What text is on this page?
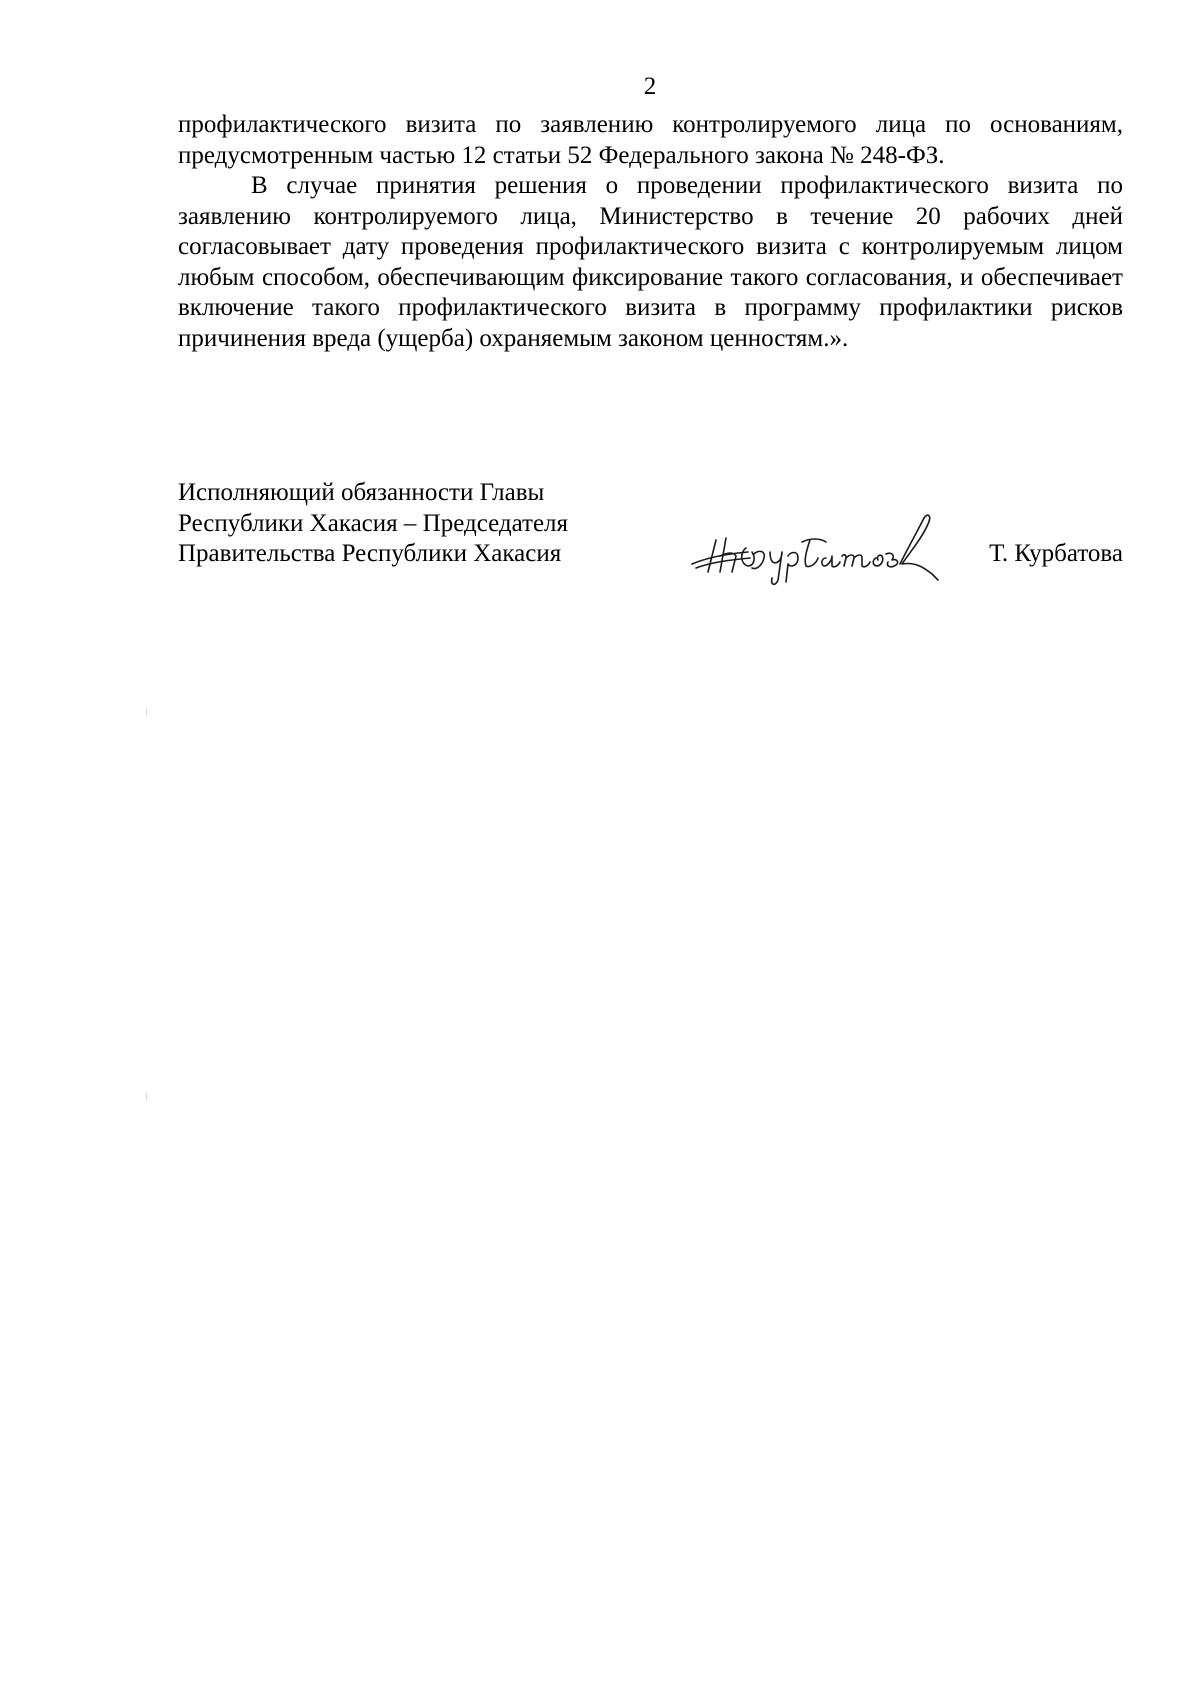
2

профилактического визита по заявлению контролируемого лица по основаниям, предусмотренным частью 12 статьи 52 Федерального закона № 248-ФЗ.

В случае принятия решения о проведении профилактического визита по заявлению контролируемого лица, Министерство в течение 20 рабочих дней согласовывает дату проведения профилактического визита с контролируемым лицом любым способом, обеспечивающим фиксирование такого согласования, и обеспечивает включение такого профилактического визита в программу профилактики рисков причинения вреда (ущерба) охраняемым законом ценностям.».

Исполняющий обязанности Главы
Республики Хакасия – Председателя
Правительства Республики Хакасия	Т. Курбатова
